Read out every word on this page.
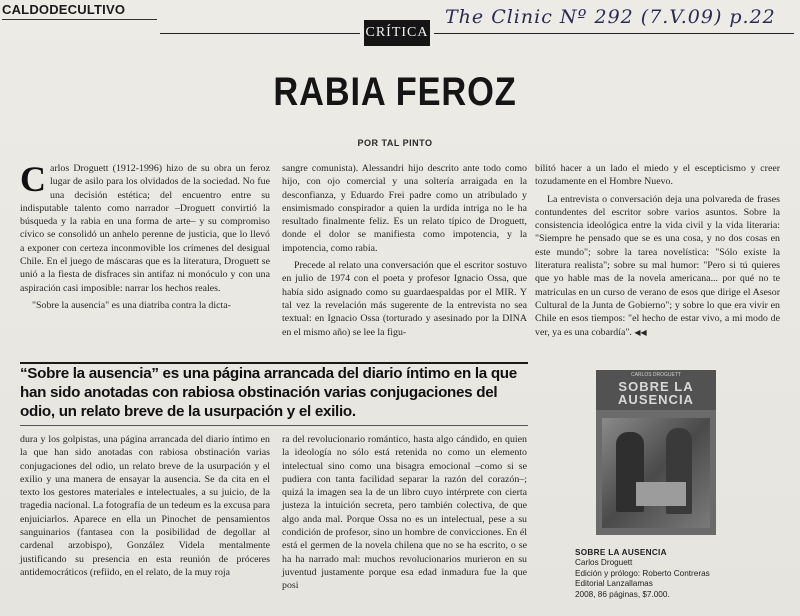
CALDODECULTIVO	The Clinic Nº 292 (7.V.09) p.22
CRÍTICA
RABIA FEROZ
POR TAL PINTO

Carlos Droguett (1912-1996) hizo de su obra un feroz lugar de asilo para los olvidados de la sociedad. No fue una decisión estética; del encuentro entre su indisputable talento como narrador –Droguett convirtió la búsqueda y la rabia en una forma de arte– y su compromiso cívico se consolidó un anhelo perenne de justicia, que lo llevó a exponer con certeza inconmovible los crímenes del desigual Chile. En el juego de máscaras que es la literatura, Droguett se unió a la fiesta de disfraces sin antifaz ni monóculo y con una aspiración casi imposible: narrar los hechos reales.

"Sobre la ausencia" es una diatriba contra la dicta-

sangre comunista). Alessandri hijo descrito ante todo como hijo, con ojo comercial y una soltería arraigada en la desconfianza, y Eduardo Frei padre como un atribulado y ensimismado conspirador a quien la urdida intriga no le ha resultado finalmente feliz. Es un relato típico de Droguett, donde el dolor se manifiesta como impotencia, y la impotencia, como rabia.

Precede al relato una conversación que el escritor sostuvo en julio de 1974 con el poeta y profesor Ignacio Ossa, que había sido asignado como su guardaespaldas por el MIR. Y tal vez la revelación más sugerente de la entrevista no sea textual: en Ignacio Ossa (torturado y asesinado por la DINA en el mismo año) se lee la figu-

bilitó hacer a un lado el miedo y el escepticismo y creer tozudamente en el Hombre Nuevo.

La entrevista o conversación deja una polvareda de frases contundentes del escritor sobre varios asuntos. Sobre la consistencia ideológica entre la vida civil y la vida literaria: "Siempre he pensado que se es una cosa, y no dos cosas en este mundo"; sobre la tarea novelística: "Sólo existe la literatura realista"; sobre su mal humor: "Pero si tú quieres que yo hable mas de la novela americana... por qué no te matriculas en un curso de verano de esos que dirige el Asesor Cultural de la Junta de Gobierno"; y sobre lo que era vivir en Chile en esos tiempos: "el hecho de estar vivo, a mi modo de ver, ya es una cobardía". ◀◀

“Sobre la ausencia” es una página arrancada del diario íntimo en la que han sido anotadas con rabiosa obstinación varias conjugaciones del odio, un relato breve de la usurpación y el exilio.

dura y los golpistas, una página arrancada del diario íntimo en la que han sido anotadas con rabiosa obstinación varias conjugaciones del odio, un relato breve de la usurpación y el exilio y una manera de ensayar la ausencia. Se da cita en el texto los gestores materiales e intelectuales, a su juicio, de la tragedia nacional. La fotografía de un tedeum es la excusa para enjuiciarlos. Aparece en ella un Pinochet de pensamientos sanguinarios (fantasea con la posibilidad de degollar al cardenal arzobispo), González Videla mentalmente justificando su presencia en esta reunión de próceres antidemocráticos (refiido, en el relato, de la muy roja

ra del revolucionario romántico, hasta algo cándido, en quien la ideología no sólo está retenida no como un elemento intelectual sino como una bisagra emocional –como si se pudiera con tanta facilidad separar la razón del corazón–; quizá la imagen sea la de un libro cuyo intérprete con cierta justeza la intuición secreta, pero también colectiva, de que algo anda mal. Porque Ossa no es un intelectual, pese a su condición de profesor, sino un hombre de convicciones. En él está el germen de la novela chilena que no se ha escrito, o se ha ha narrado mal: muchos revolucionarios murieron en su juventud justamente porque esa edad inmadura fue la que posi

CARLOS DROGUETT
SOBRE LA AUSENCIA
SOBRE LA AUSENCIA
Carlos Droguett
Edición y prólogo: Roberto Contreras
Editorial Lanzallamas
2008, 86 páginas, $7.000.
